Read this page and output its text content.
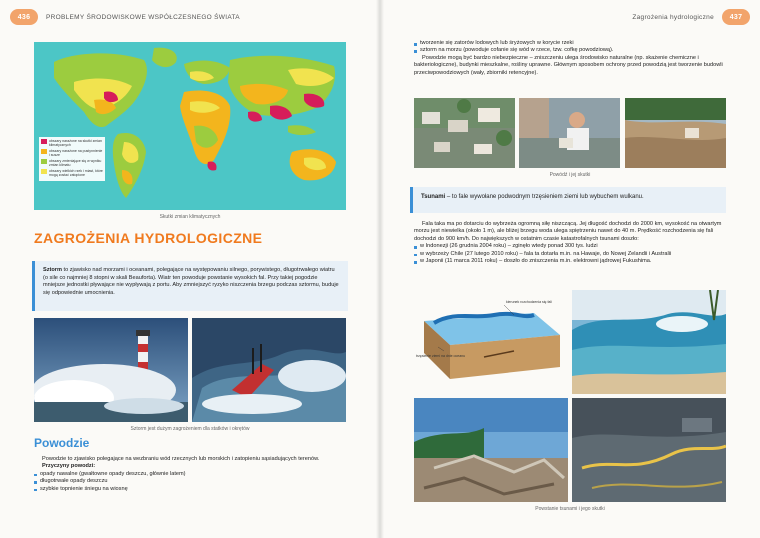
436	PROBLEMY ŚRODOWISKOWE WSPÓŁCZESNEGO ŚWIATA
obszary narażone na skutki zmian klimatycznych
obszary narażone na pustynnienie i susze
obszary zmieniające się w wyniku zmian klimatu
obszary wielkich rzek i miast, które mogą zostać zatopione
Skutki zmian klimatycznych
ZAGROŻENIA HYDROLOGICZNE
Sztorm to zjawisko nad morzami i oceanami, polegające na występowaniu silnego, porywistego, długotrwałego wiatru (o sile co najmniej 8 stopni w skali Beauforta). Wiatr ten powoduje powstanie wysokich fal. Przy takiej pogodzie mniejsze jednostki pływające nie wypływają z portu. Aby zmniejszyć ryzyko niszczenia brzegu podczas sztormu, buduje się odpowiednie umocnienia.
Sztorm jest dużym zagrożeniem dla statków i okrętów
Powodzie
Powodzie to zjawisko polegające na wezbraniu wód rzecznych lub morskich i zatopieniu sąsiadujących terenów.
Przyczyny powodzi:
opady nawalne (gwałtowne opady deszczu, głównie latem)
długotrwałe opady deszczu
szybkie topnienie śniegu na wiosnę
Zagrożenia hydrologiczne	437
tworzenie się zatorów lodowych lub śryżowych w korycie rzeki
sztorm na morzu (powoduje cofanie się wód w rzece, tzw. cofkę powodziową).
Powodzie mogą być bardzo niebezpieczne – zniszczeniu ulega środowisko naturalne (np. skażenie chemiczne i bakteriologiczne), budynki mieszkalne, rośliny uprawne. Głównym sposobem ochrony przed powodzią jest tworzenie budowli przeciwpowodziowych (wały, zbiorniki retencyjne).
Powódź i jej skutki
Tsunami – to fale wywołane podwodnym trzęsieniem ziemi lub wybuchem wulkanu.
Fala taka ma po dotarciu do wybrzeża ogromną siłę niszczącą. Jej długość dochodzi do 2000 km, wysokość na otwartym morzu jest niewielka (około 1 m), ale bliżej brzegu woda ulega spiętrzeniu nawet do 40 m. Prędkość rozchodzenia się fali dochodzi do 900 km/h. Do największych w ostatnim czasie katastrofalnych tsunami doszło:
w Indonezji (26 grudnia 2004 roku) – zginęło wtedy ponad 300 tys. ludzi
w wybrzeży Chile (27 lutego 2010 roku) – fala ta dotarła m.in. na Hawaje, do Nowej Zelandii i Australii
w Japonii (11 marca 2011 roku) – doszło do zniszczenia m.in. elektrowni jądrowej Fukushima.
kierunek rozchodzenia się fali
trzęsienie ziemi na dnie oceanu
Powstanie tsunami i jego skutki
